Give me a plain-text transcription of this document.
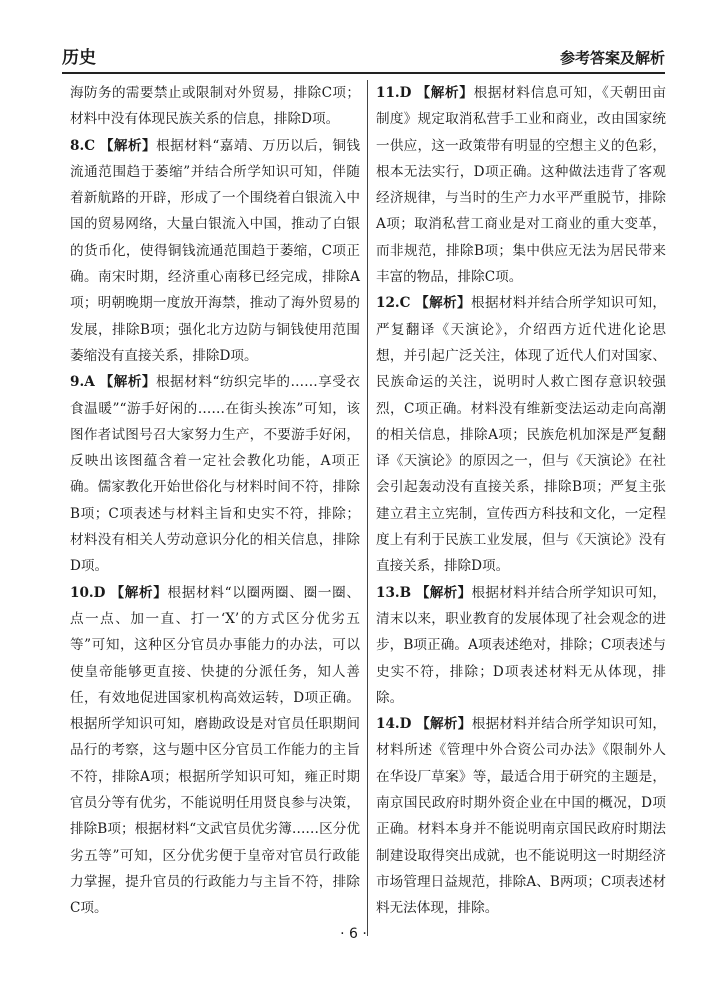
历史	参考答案及解析

海防务的需要禁止或限制对外贸易，排除C项；材料中没有体现民族关系的信息，排除D项。

8.C 【解析】根据材料“嘉靖、万历以后，铜钱流通范围趋于萎缩”并结合所学知识可知，伴随着新航路的开辟，形成了一个围绕着白银流入中国的贸易网络，大量白银流入中国，推动了白银的货币化，使得铜钱流通范围趋于萎缩，C项正确。南宋时期，经济重心南移已经完成，排除A项；明朝晚期一度放开海禁，推动了海外贸易的发展，排除B项；强化北方边防与铜钱使用范围萎缩没有直接关系，排除D项。

9.A 【解析】根据材料“纺织完毕的……享受衣食温暖”“游手好闲的……在街头挨冻”可知，该图作者试图号召大家努力生产，不要游手好闲，反映出该图蕴含着一定社会教化功能，A项正确。儒家教化开始世俗化与材料时间不符，排除B项；C项表述与材料主旨和史实不符，排除；材料没有相关人劳动意识分化的相关信息，排除D项。

10.D 【解析】根据材料“以圈两圈、圈一圈、点一点、加一直、打一‘X’的方式区分优劣五等”可知，这种区分官员办事能力的办法，可以使皇帝能够更直接、快捷的分派任务，知人善任，有效地促进国家机构高效运转，D项正确。根据所学知识可知，磨勘政设是对官员任职期间品行的考察，这与题中区分官员工作能力的主旨不符，排除A项；根据所学知识可知，雍正时期官员分等有优劣，不能说明任用贤良参与决策，排除B项；根据材料“文武官员优劣簿……区分优劣五等”可知，区分优劣便于皇帝对官员行政能力掌握，提升官员的行政能力与主旨不符，排除C项。

11.D 【解析】根据材料信息可知，《天朝田亩制度》规定取消私营手工业和商业，改由国家统一供应，这一政策带有明显的空想主义的色彩，根本无法实行，D项正确。这种做法违背了客观经济规律，与当时的生产力水平严重脱节，排除A项；取消私营工商业是对工商业的重大变革，而非规范，排除B项；集中供应无法为居民带来丰富的物品，排除C项。

12.C 【解析】根据材料并结合所学知识可知，严复翻译《天演论》，介绍西方近代进化论思想，并引起广泛关注，体现了近代人们对国家、民族命运的关注，说明时人救亡图存意识较强烈，C项正确。材料没有维新变法运动走向高潮的相关信息，排除A项；民族危机加深是严复翻译《天演论》的原因之一，但与《天演论》在社会引起轰动没有直接关系，排除B项；严复主张建立君主立宪制，宣传西方科技和文化，一定程度上有利于民族工业发展，但与《天演论》没有直接关系，排除D项。

13.B 【解析】根据材料并结合所学知识可知，清末以来，职业教育的发展体现了社会观念的进步，B项正确。A项表述绝对，排除；C项表述与史实不符，排除；D项表述材料无从体现，排除。

14.D 【解析】根据材料并结合所学知识可知，材料所述《管理中外合资公司办法》《限制外人在华设厂草案》等，最适合用于研究的主题是，南京国民政府时期外资企业在中国的概况，D项正确。材料本身并不能说明南京国民政府时期法制建设取得突出成就，也不能说明这一时期经济市场管理日益规范，排除A、B两项；C项表述材料无法体现，排除。

· 6 ·
